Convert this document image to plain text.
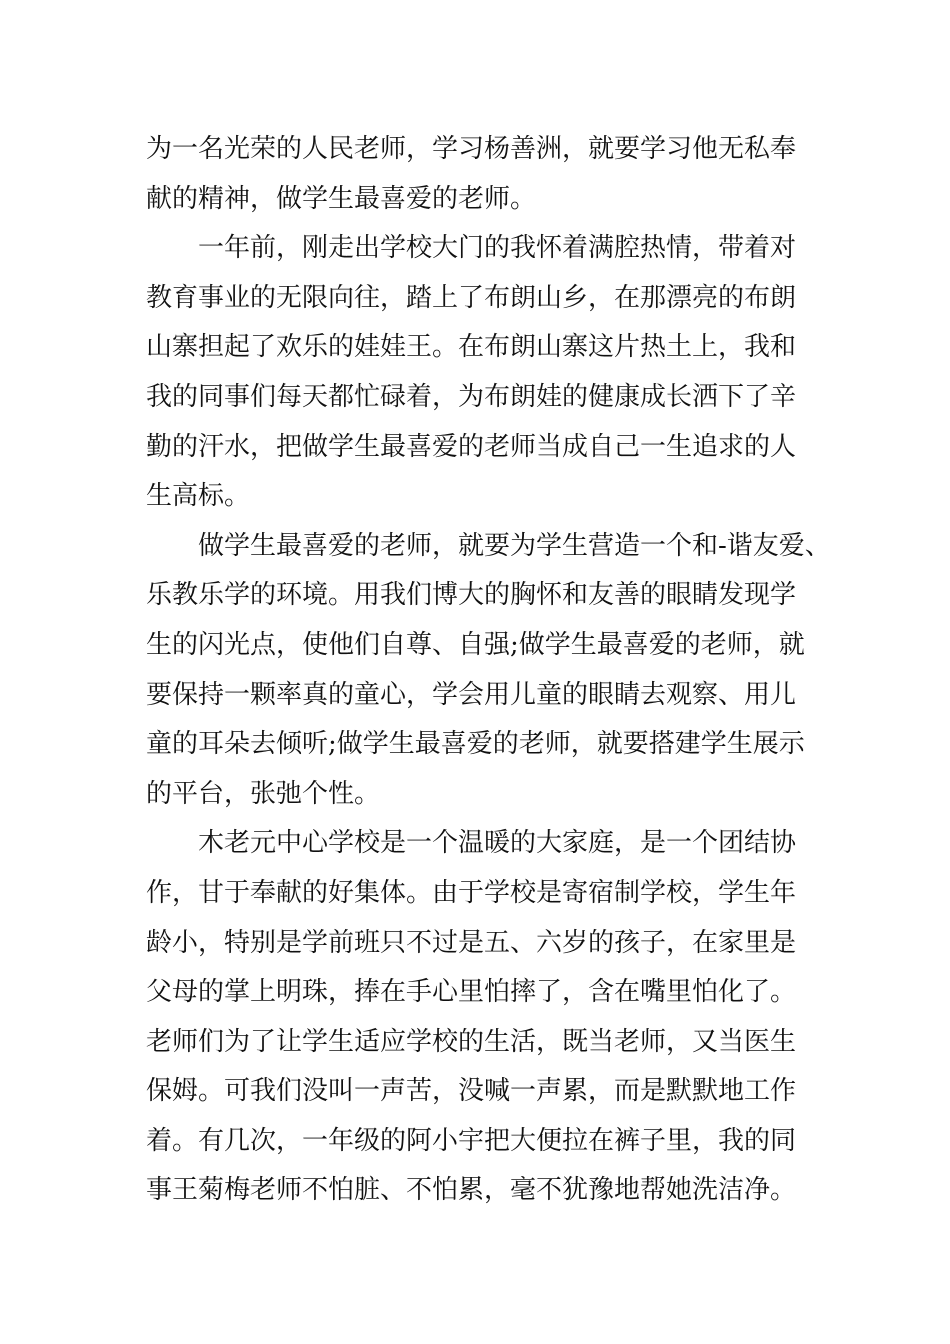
为一名光荣的人民老师，学习杨善洲，就要学习他无私奉
献的精神，做学生最喜爱的老师。
一年前，刚走出学校大门的我怀着满腔热情，带着对
教育事业的无限向往，踏上了布朗山乡，在那漂亮的布朗
山寨担起了欢乐的娃娃王。在布朗山寨这片热土上，我和
我的同事们每天都忙碌着，为布朗娃的健康成长洒下了辛
勤的汗水，把做学生最喜爱的老师当成自己一生追求的人
生高标。
做学生最喜爱的老师，就要为学生营造一个和-谐友爱、
乐教乐学的环境。用我们博大的胸怀和友善的眼睛发现学
生的闪光点，使他们自尊、自强;做学生最喜爱的老师，就
要保持一颗率真的童心，学会用儿童的眼睛去观察、用儿
童的耳朵去倾听;做学生最喜爱的老师，就要搭建学生展示
的平台，张弛个性。
木老元中心学校是一个温暖的大家庭，是一个团结协
作，甘于奉献的好集体。由于学校是寄宿制学校，学生年
龄小，特别是学前班只不过是五、六岁的孩子，在家里是
父母的掌上明珠，捧在手心里怕摔了，含在嘴里怕化了。
老师们为了让学生适应学校的生活，既当老师，又当医生
保姆。可我们没叫一声苦，没喊一声累，而是默默地工作
着。有几次，一年级的阿小宇把大便拉在裤子里，我的同
事王菊梅老师不怕脏、不怕累，毫不犹豫地帮她洗洁净。
